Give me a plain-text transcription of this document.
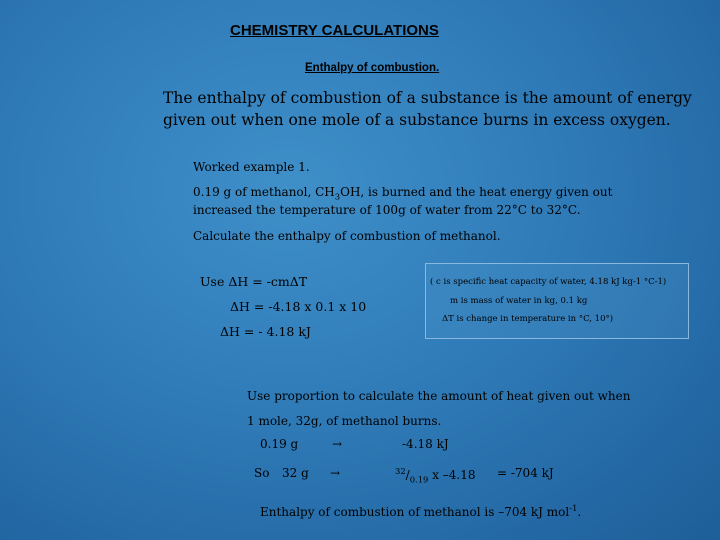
CHEMISTRY CALCULATIONS
Enthalpy of combustion.
The enthalpy of combustion of a substance is the amount of energy
given out when one mole of a substance burns in excess oxygen.
Worked example 1.
0.19 g of methanol, $CH_3OH$, is burned and the heat energy given out
increased the temperature of 100g of water from 22°C to 32°C.
Calculate the enthalpy of combustion of methanol.
Use ΔH = -cmΔT
ΔH = -4.18 x 0.1 x 10
ΔH = - 4.18 kJ
( c is specific heat capacity of water, 4.18 kJ kg-1 °C-1)
m is mass of water in kg, 0.1 kg
ΔT is change in temperature in °C, 10°)
Use proportion to calculate the amount of heat given out when
1 mole, 32g, of methanol burns.
0.19 g	→	-4.18 kJ
So 32 g →	$^{32}/_{0.19}$ x –4.18 = -704 kJ
Enthalpy of combustion of methanol is –704 kJ mol$^{-1}$.
